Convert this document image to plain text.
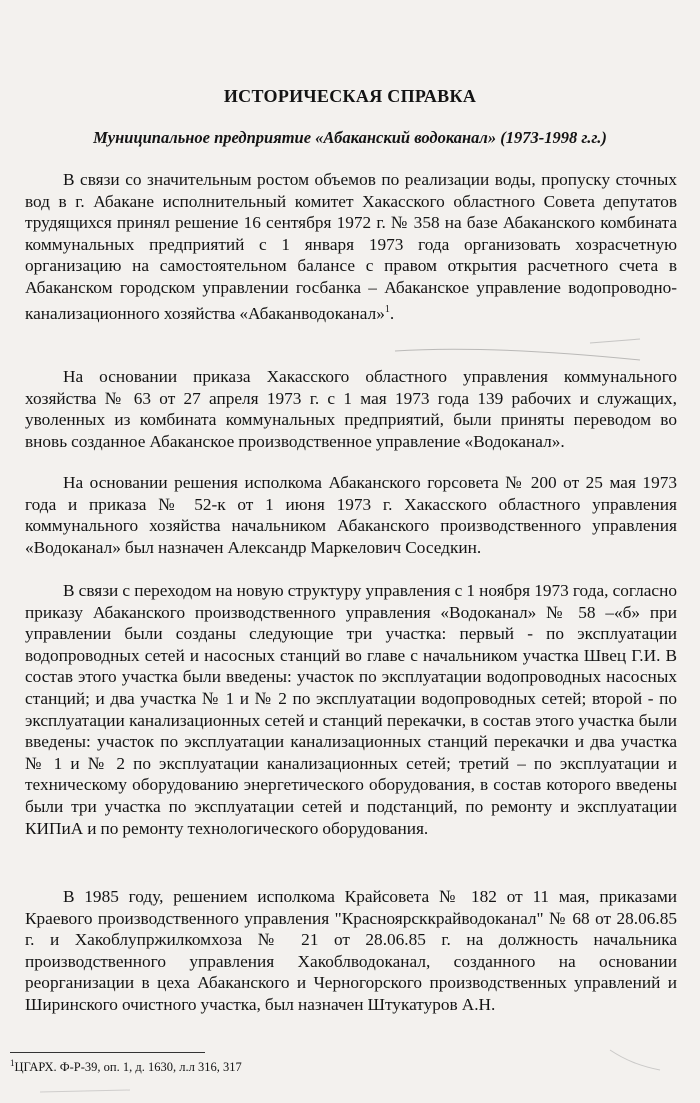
ИСТОРИЧЕСКАЯ СПРАВКА
Муниципальное предприятие «Абаканский водоканал» (1973-1998 г.г.)
В связи со значительным ростом объемов по реализации воды, пропуску сточных вод в г. Абакане исполнительный комитет Хакасского областного Совета депутатов трудящихся принял решение 16 сентября 1972 г. № 358 на базе Абаканского комбината коммунальных предприятий с 1 января 1973 года организовать хозрасчетную организацию на самостоятельном балансе с правом открытия расчетного счета в Абаканском городском управлении госбанка – Абаканское управление водопроводно-канализационного хозяйства «Абаканводоканал»$^1$.
На основании приказа Хакасского областного управления коммунального хозяйства № 63 от 27 апреля 1973 г. с 1 мая 1973 года 139 рабочих и служащих, уволенных из комбината коммунальных предприятий, были приняты переводом во вновь созданное Абаканское производственное управление «Водоканал».
На основании решения исполкома Абаканского горсовета № 200 от 25 мая 1973 года и приказа № 52-к от 1 июня 1973 г. Хакасского областного управления коммунального хозяйства начальником Абаканского производственного управления «Водоканал» был назначен Александр Маркелович Соседкин.
В связи с переходом на новую структуру управления с 1 ноября 1973 года, согласно приказу Абаканского производственного управления «Водоканал» № 58 –«б» при управлении были созданы следующие три участка: первый - по эксплуатации водопроводных сетей и насосных станций во главе с начальником участка Швец Г.И. В состав этого участка были введены: участок по эксплуатации водопроводных насосных станций; и два участка № 1 и № 2 по эксплуатации водопроводных сетей; второй - по эксплуатации канализационных сетей и станций перекачки, в состав этого участка были введены: участок по эксплуатации канализационных станций перекачки и два участка № 1 и № 2 по эксплуатации канализационных сетей; третий – по эксплуатации и техническому оборудованию энергетического оборудования, в состав которого введены были три участка по эксплуатации сетей и подстанций, по ремонту и эксплуатации КИПиА и по ремонту технологического оборудования.
В 1985 году, решением исполкома Крайсовета № 182 от 11 мая, приказами Краевого производственного управления "Красноярсккрайводоканал" № 68 от 28.06.85 г. и Хакоблупржилкомхоза № 21 от 28.06.85 г. на должность начальника производственного управления Хакоблводоканал, созданного на основании реорганизации в цеха Абаканского и Черногорского производственных управлений и Ширинского очистного участка, был назначен Штукатуров А.Н.
$^1$ЦГАРХ. Ф-Р-39, оп. 1, д. 1630, л.л 316, 317
